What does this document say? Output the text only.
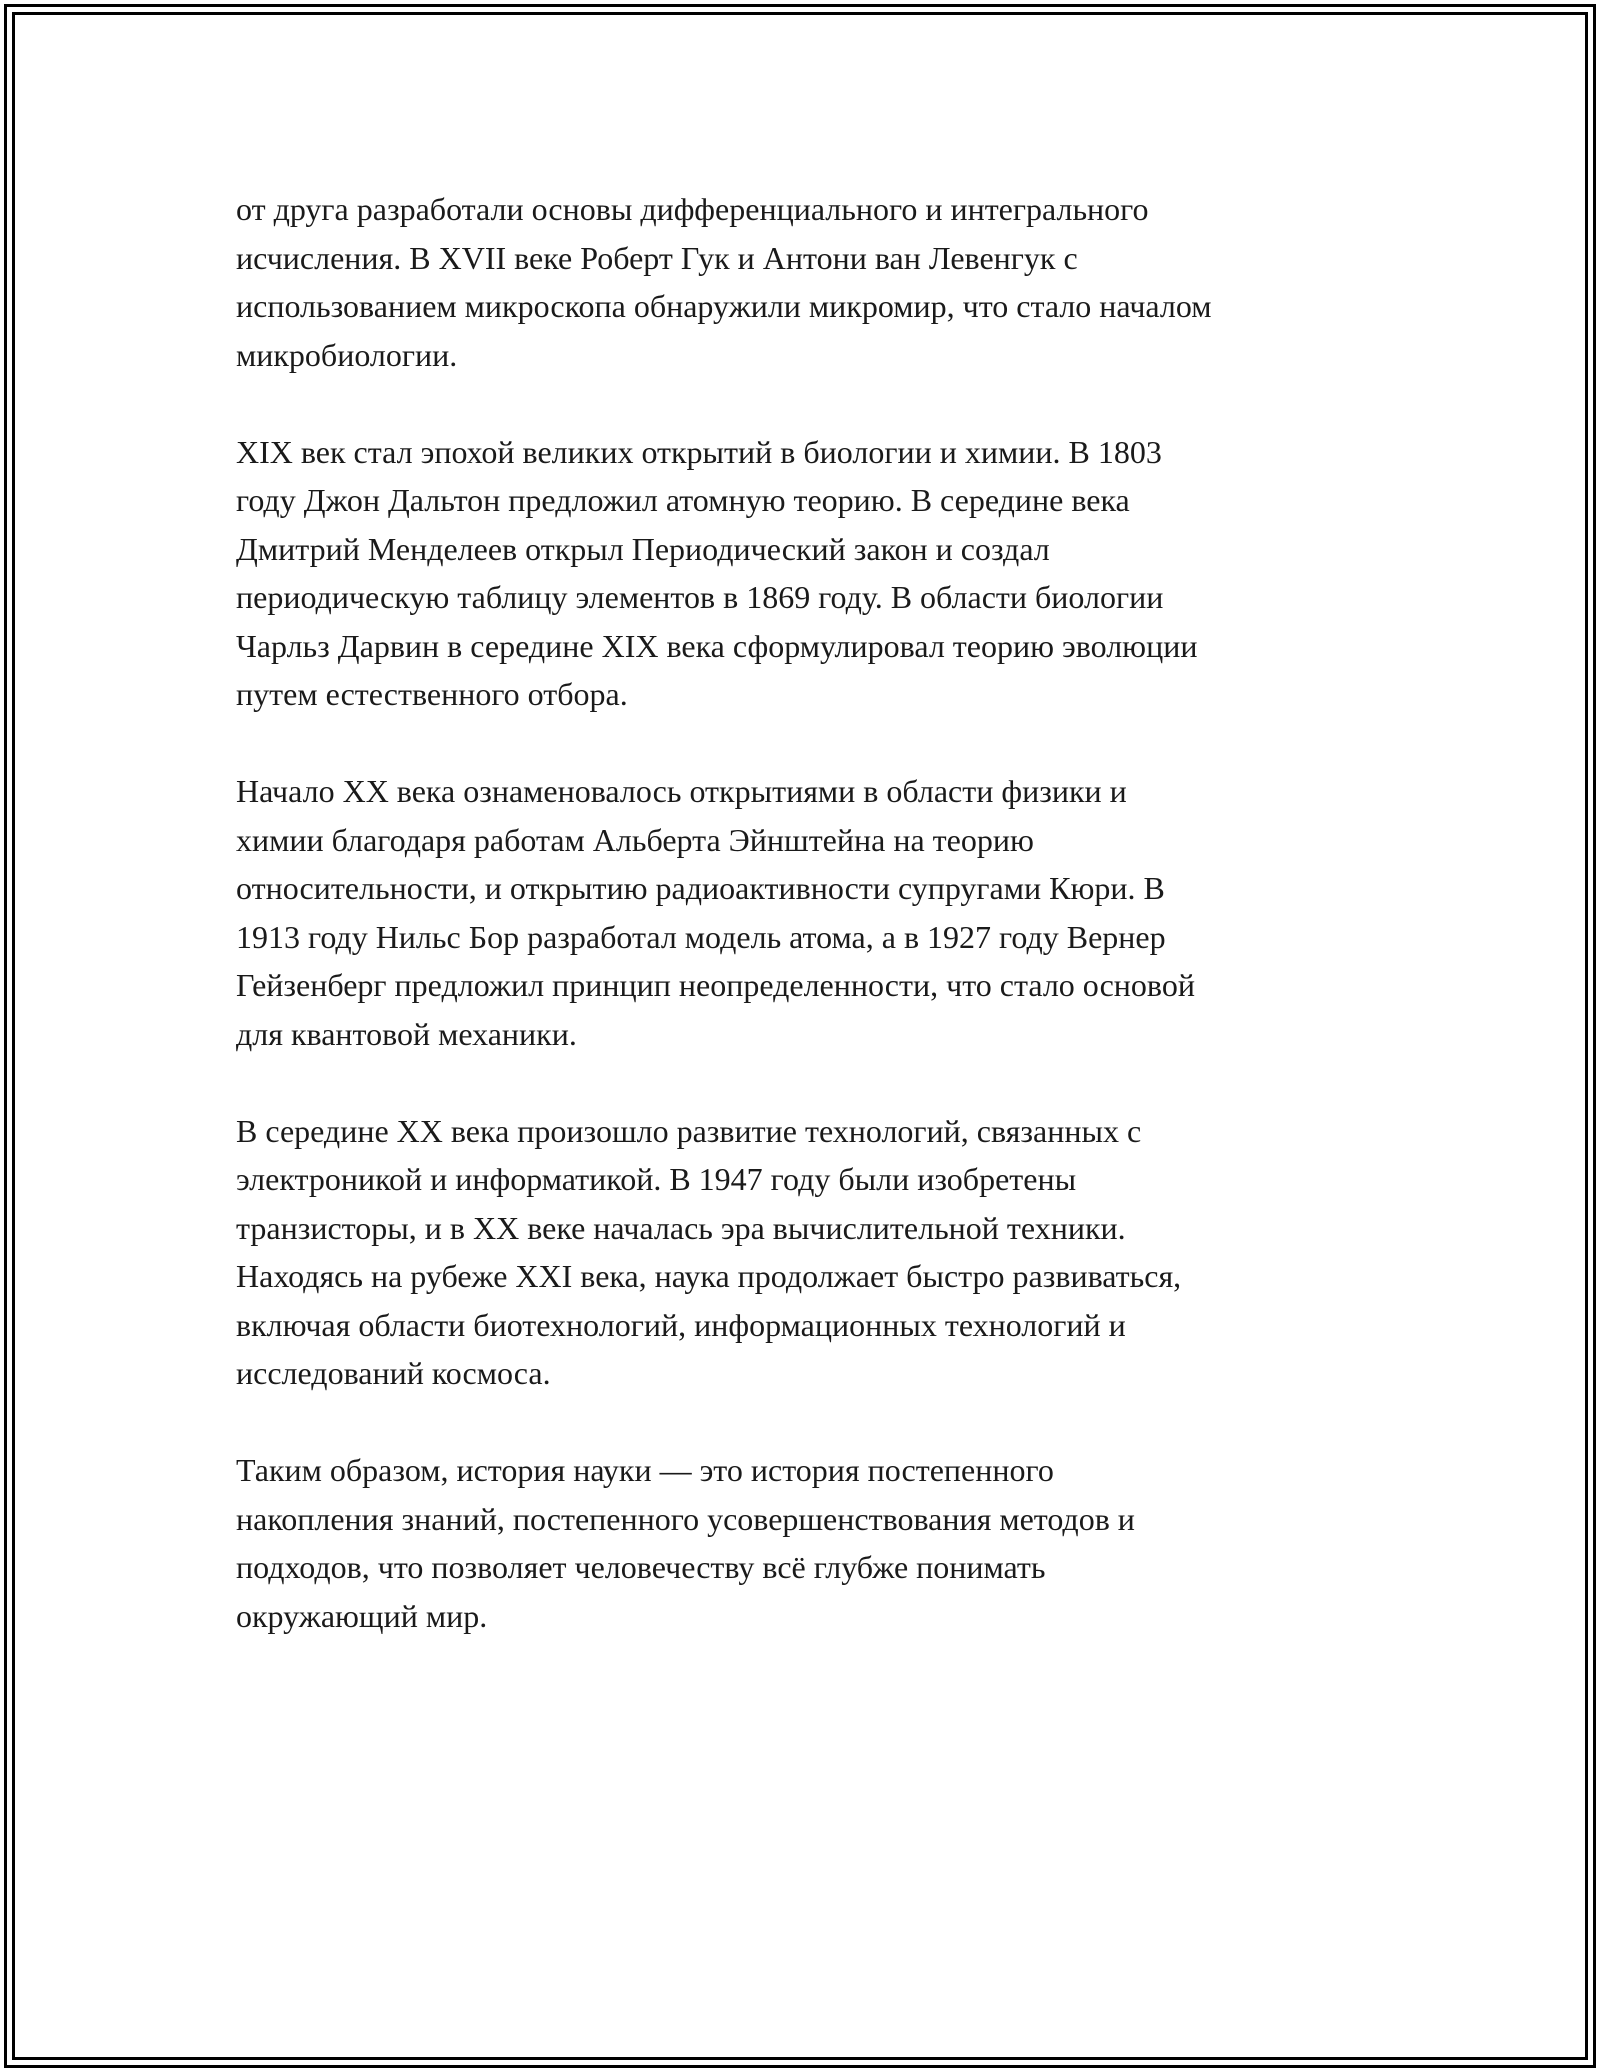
от друга разработали основы дифференциального и интегрального
исчисления. В XVII веке Роберт Гук и Антони ван Левенгук с
использованием микроскопа обнаружили микромир, что стало началом
микробиологии.

XIX век стал эпохой великих открытий в биологии и химии. В 1803
году Джон Дальтон предложил атомную теорию. В середине века
Дмитрий Менделеев открыл Периодический закон и создал
периодическую таблицу элементов в 1869 году. В области биологии
Чарльз Дарвин в середине XIX века сформулировал теорию эволюции
путем естественного отбора.

Начало XX века ознаменовалось открытиями в области физики и
химии благодаря работам Альберта Эйнштейна на теорию
относительности, и открытию радиоактивности супругами Кюри. В
1913 году Нильс Бор разработал модель атома, а в 1927 году Вернер
Гейзенберг предложил принцип неопределенности, что стало основой
для квантовой механики.

В середине XX века произошло развитие технологий, связанных с
электроникой и информатикой. В 1947 году были изобретены
транзисторы, и в XX веке началась эра вычислительной техники.
Находясь на рубеже XXI века, наука продолжает быстро развиваться,
включая области биотехнологий, информационных технологий и
исследований космоса.

Таким образом, история науки — это история постепенного
накопления знаний, постепенного усовершенствования методов и
подходов, что позволяет человечеству всё глубже понимать
окружающий мир.
